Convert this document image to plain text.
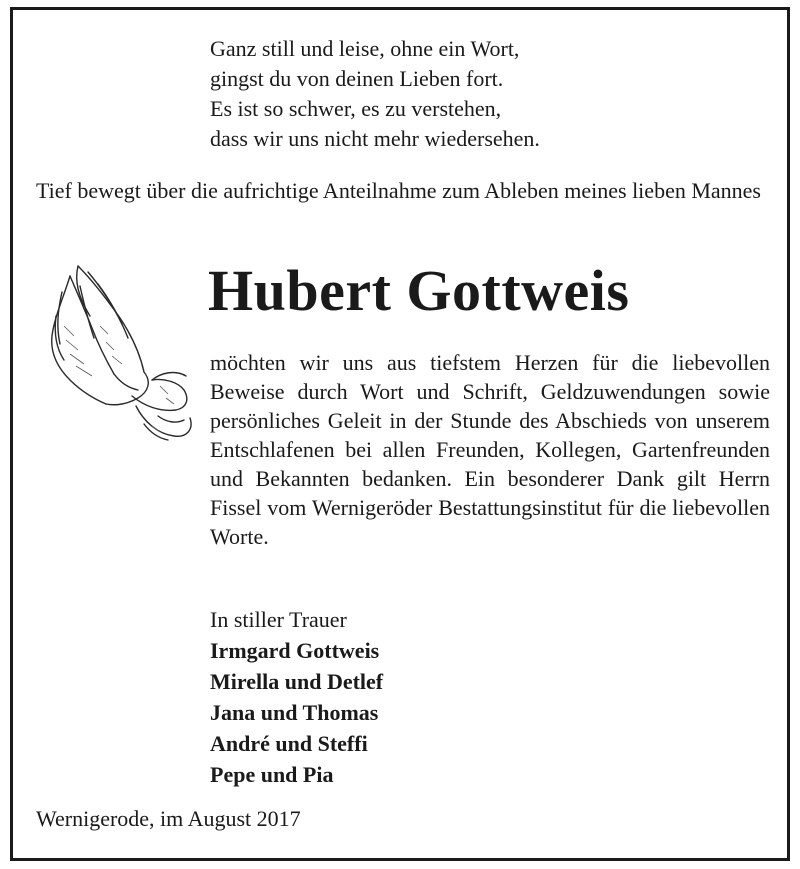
Ganz still und leise, ohne ein Wort,
gingst du von deinen Lieben fort.
Es ist so schwer, es zu verstehen,
dass wir uns nicht mehr wiedersehen.
Tief bewegt über die aufrichtige Anteilnahme zum Ableben meines lieben Mannes
Hubert Gottweis
möchten wir uns aus tiefstem Herzen für die liebevollen Beweise durch Wort und Schrift, Geldzuwendungen sowie persönliches Geleit in der Stunde des Abschieds von unserem Entschlafenen bei allen Freunden, Kollegen, Gartenfreunden und Bekannten bedanken. Ein besonderer Dank gilt Herrn Fissel vom Wernigeröder Bestattungsinstitut für die liebevollen Worte.
In stiller Trauer
Irmgard Gottweis
Mirella und Detlef
Jana und Thomas
André und Steffi
Pepe und Pia
Wernigerode, im August 2017
